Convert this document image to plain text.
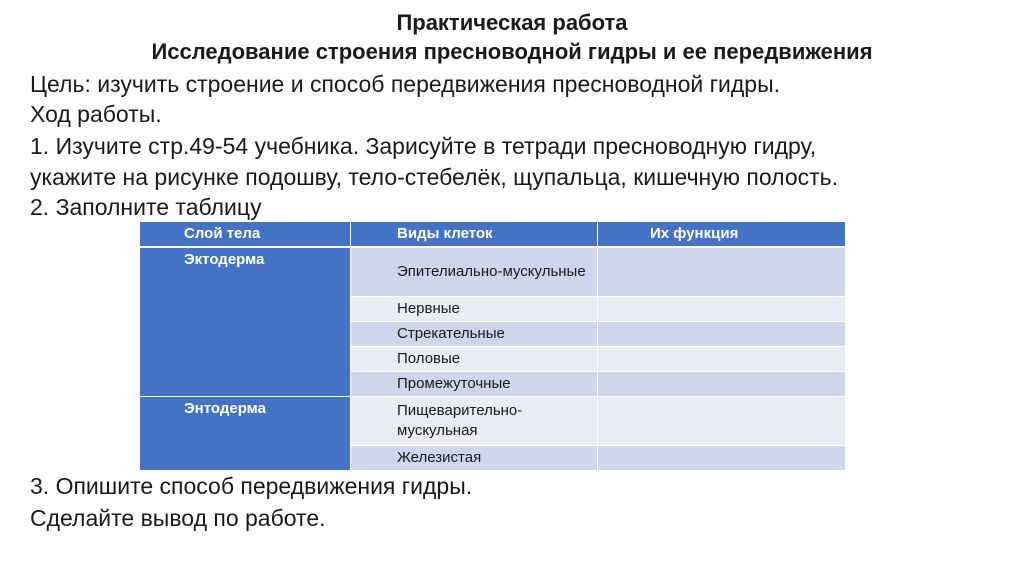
Практическая работа
Исследование строения пресноводной гидры и ее передвижения
Цель: изучить строение и способ передвижения пресноводной гидры.
Ход работы.
1. Изучите стр.49-54 учебника. Зарисуйте в тетради пресноводную гидру,
укажите на рисунке подошву, тело-стебелёк, щупальца, кишечную полость.
2. Заполните таблицу
Слой тела	Виды клеток	Их функция
Эктодерма	Эпителиально-мускульные	
	Нервные	
	Стрекательные	
	Половые	
	Промежуточные	
Энтодерма	Пищеварительно-мускульная	
	Железистая	
3. Опишите способ передвижения гидры.
Сделайте вывод по работе.
